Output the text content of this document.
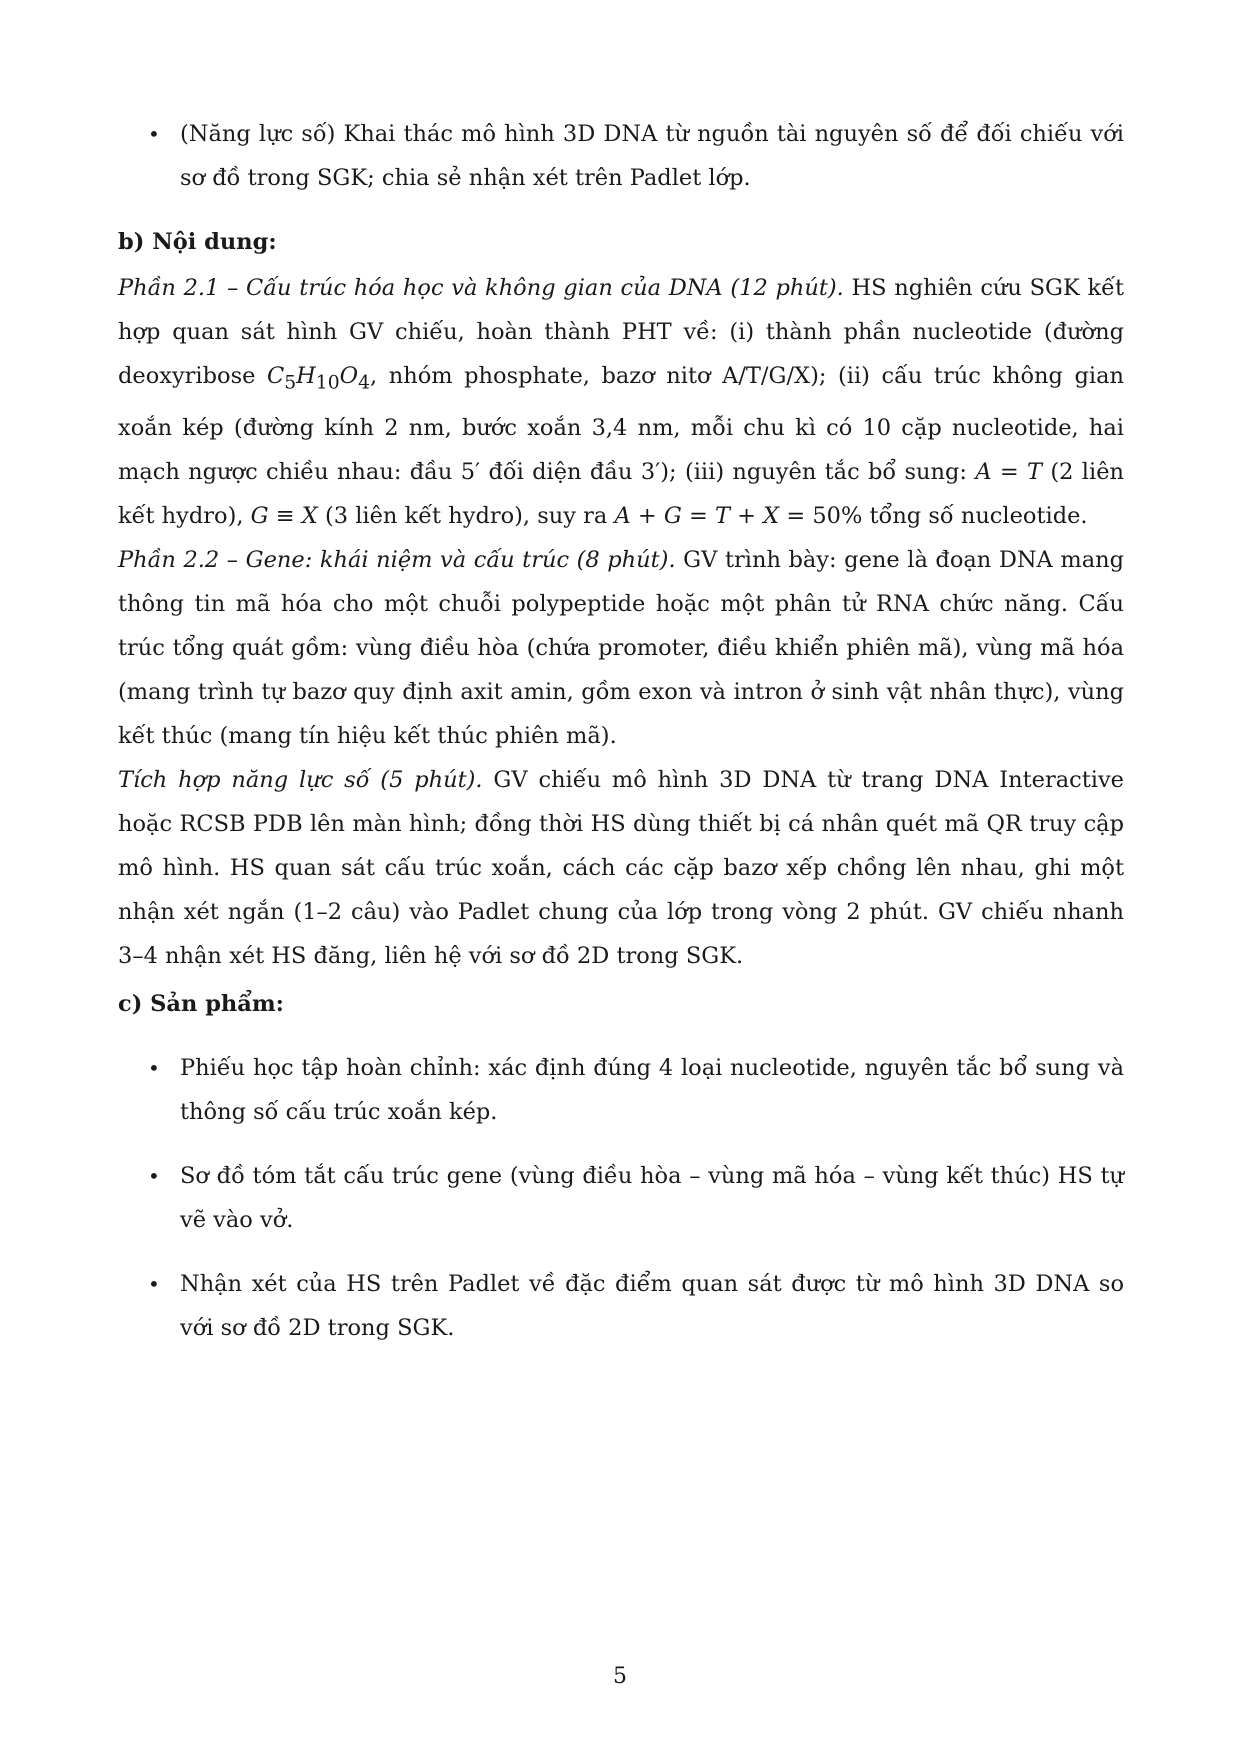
• (Năng lực số) Khai thác mô hình 3D DNA từ nguồn tài nguyên số để đối chiếu với sơ đồ trong SGK; chia sẻ nhận xét trên Padlet lớp.

b) Nội dung:

Phần 2.1 – Cấu trúc hóa học và không gian của DNA (12 phút). HS nghiên cứu SGK kết hợp quan sát hình GV chiếu, hoàn thành PHT về: (i) thành phần nucleotide (đường deoxyribose $C_5H_{10}O_4$, nhóm phosphate, bazơ nitơ A/T/G/X); (ii) cấu trúc không gian xoắn kép (đường kính 2 nm, bước xoắn 3,4 nm, mỗi chu kì có 10 cặp nucleotide, hai mạch ngược chiều nhau: đầu 5′ đối diện đầu 3′); (iii) nguyên tắc bổ sung: A = T (2 liên kết hydro), G ≡ X (3 liên kết hydro), suy ra A + G = T + X = 50% tổng số nucleotide.

Phần 2.2 – Gene: khái niệm và cấu trúc (8 phút). GV trình bày: gene là đoạn DNA mang thông tin mã hóa cho một chuỗi polypeptide hoặc một phân tử RNA chức năng. Cấu trúc tổng quát gồm: vùng điều hòa (chứa promoter, điều khiển phiên mã), vùng mã hóa (mang trình tự bazơ quy định axit amin, gồm exon và intron ở sinh vật nhân thực), vùng kết thúc (mang tín hiệu kết thúc phiên mã).

Tích hợp năng lực số (5 phút). GV chiếu mô hình 3D DNA từ trang DNA Interactive hoặc RCSB PDB lên màn hình; đồng thời HS dùng thiết bị cá nhân quét mã QR truy cập mô hình. HS quan sát cấu trúc xoắn, cách các cặp bazơ xếp chồng lên nhau, ghi một nhận xét ngắn (1–2 câu) vào Padlet chung của lớp trong vòng 2 phút. GV chiếu nhanh 3–4 nhận xét HS đăng, liên hệ với sơ đồ 2D trong SGK.

c) Sản phẩm:

• Phiếu học tập hoàn chỉnh: xác định đúng 4 loại nucleotide, nguyên tắc bổ sung và thông số cấu trúc xoắn kép.
• Sơ đồ tóm tắt cấu trúc gene (vùng điều hòa – vùng mã hóa – vùng kết thúc) HS tự vẽ vào vở.
• Nhận xét của HS trên Padlet về đặc điểm quan sát được từ mô hình 3D DNA so với sơ đồ 2D trong SGK.
5
